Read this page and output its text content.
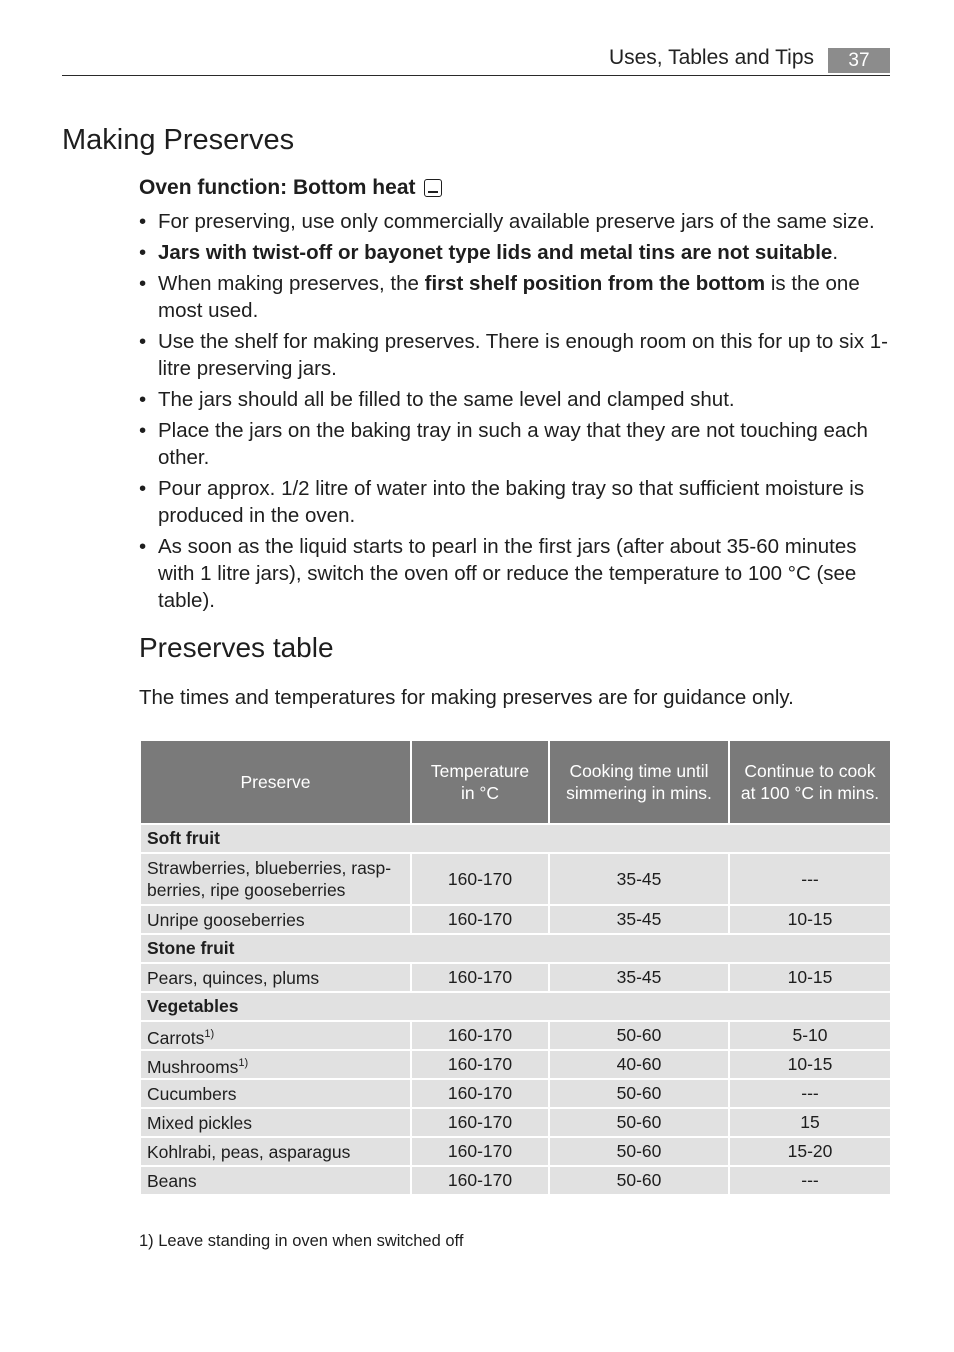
Uses, Tables and Tips	37
Making Preserves
Oven function: Bottom heat
• For preserving, use only commercially available preserve jars of the same size.
• Jars with twist-off or bayonet type lids and metal tins are not suitable.
• When making preserves, the first shelf position from the bottom is the one most used.
• Use the shelf for making preserves. There is enough room on this for up to six 1-litre preserving jars.
• The jars should all be filled to the same level and clamped shut.
• Place the jars on the baking tray in such a way that they are not touching each other.
• Pour approx. 1/2 litre of water into the baking tray so that sufficient moisture is produced in the oven.
• As soon as the liquid starts to pearl in the first jars (after about 35-60 minutes with 1 litre jars), switch the oven off or reduce the temperature to 100 °C (see table).
Preserves table

The times and temperatures for making preserves are for guidance only.

Preserve	Temperature in °C	Cooking time until simmering in mins.	Continue to cook at 100 °C in mins.
Soft fruit			
Strawberries, blueberries, rasp-berries, ripe gooseberries	160-170	35-45	---
Unripe gooseberries	160-170	35-45	10-15
Stone fruit			
Pears, quinces, plums	160-170	35-45	10-15
Vegetables			
Carrots$^{1)}$	160-170	50-60	5-10
Mushrooms$^{1)}$	160-170	40-60	10-15
Cucumbers	160-170	50-60	---
Mixed pickles	160-170	50-60	15
Kohlrabi, peas, asparagus	160-170	50-60	15-20
Beans	160-170	50-60	---
1) Leave standing in oven when switched off
